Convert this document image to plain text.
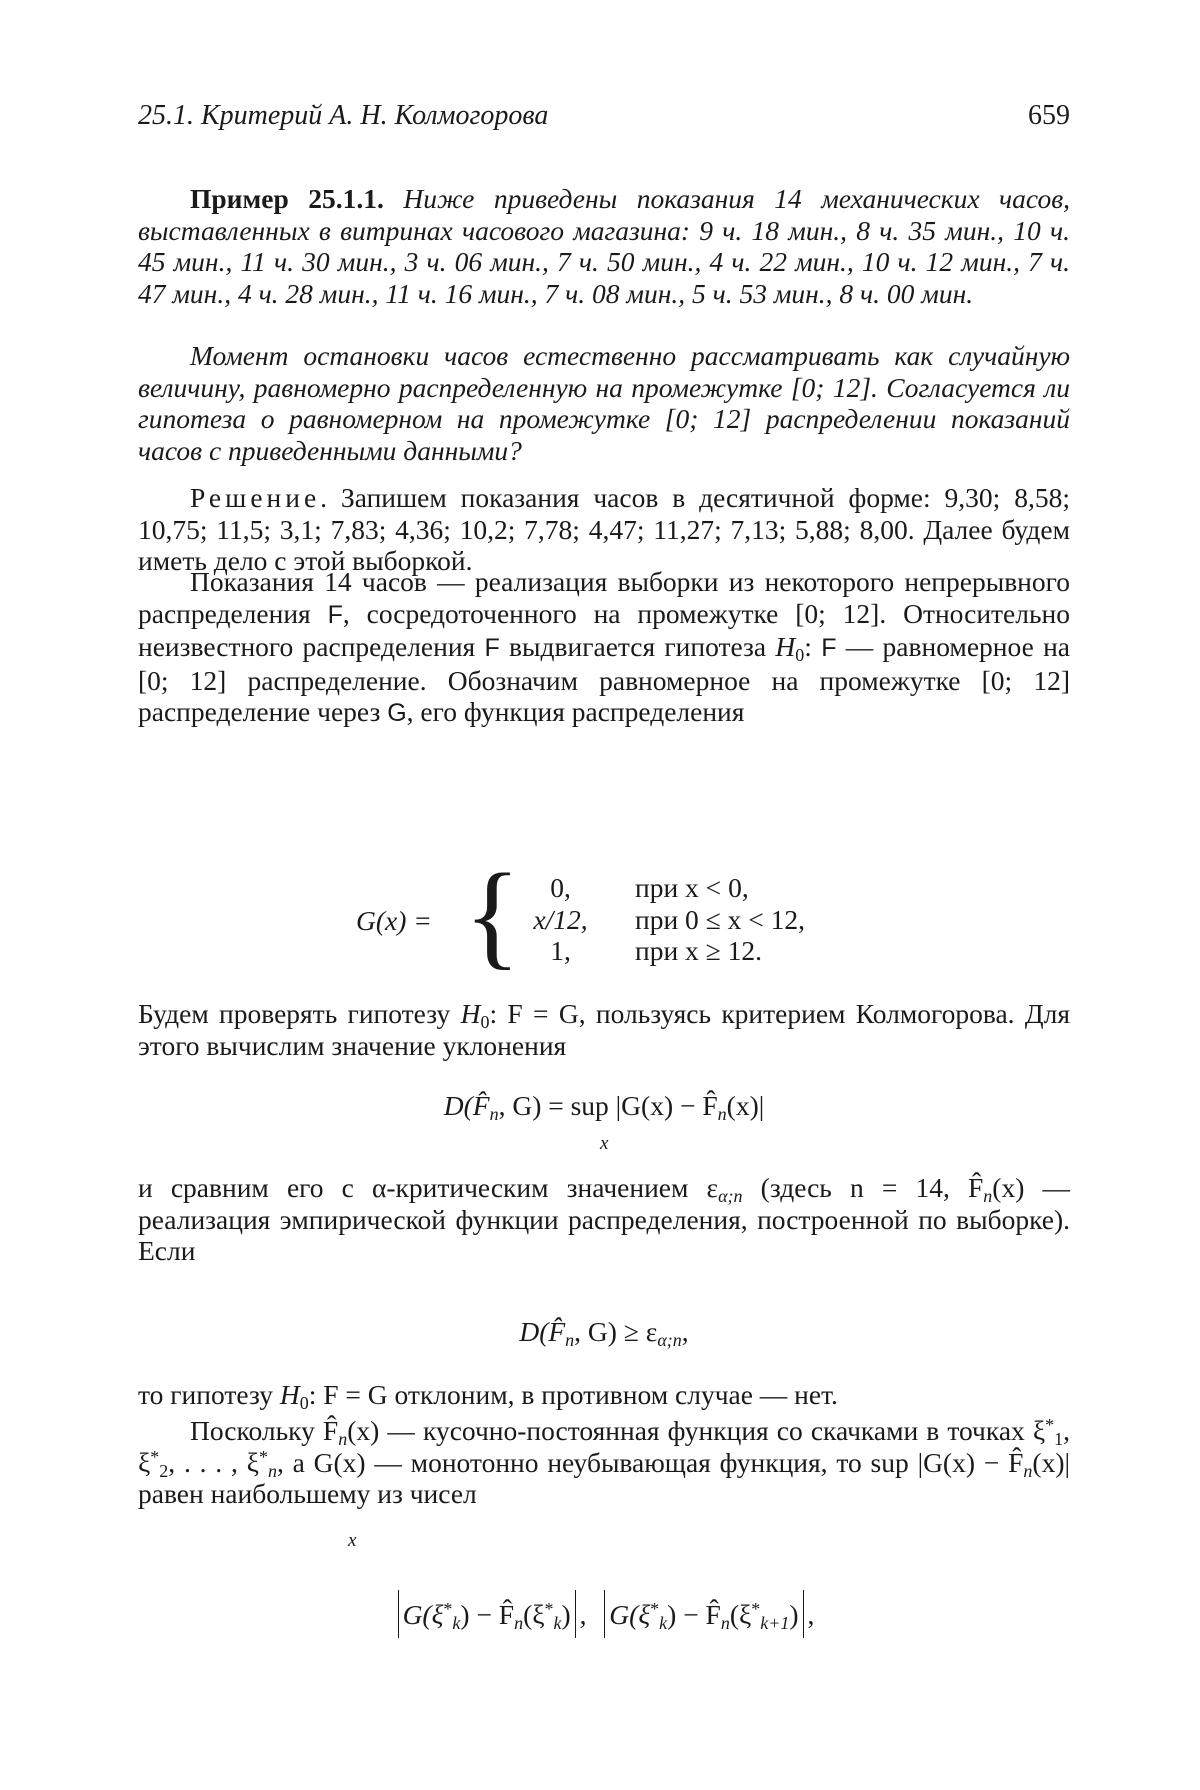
25.1. Критерий А. Н. Колмогорова	659
Пример 25.1.1. Ниже приведены показания 14 механических часов, выставленных в витринах часового магазина: 9 ч. 18 мин., 8 ч. 35 мин., 10 ч. 45 мин., 11 ч. 30 мин., 3 ч. 06 мин., 7 ч. 50 мин., 4 ч. 22 мин., 10 ч. 12 мин., 7 ч. 47 мин., 4 ч. 28 мин., 11 ч. 16 мин., 7 ч. 08 мин., 5 ч. 53 мин., 8 ч. 00 мин.
Момент остановки часов естественно рассматривать как случайную величину, равномерно распределенную на промежутке [0; 12]. Согласуется ли гипотеза о равномерном на промежутке [0; 12] распределении показаний часов с приведенными данными?
Решение. Запишем показания часов в десятичной форме: 9,30; 8,58; 10,75; 11,5; 3,1; 7,83; 4,36; 10,2; 7,78; 4,47; 11,27; 7,13; 5,88; 8,00. Далее будем иметь дело с этой выборкой.
Показания 14 часов — реализация выборки из некоторого непрерывного распределения F, сосредоточенного на промежутке [0; 12]. Относительно неизвестного распределения F выдвигается гипотеза $H_0$: F — равномерное на [0; 12] распределение. Обозначим равномерное на промежутке [0; 12] распределение через G, его функция распределения
G(x) = {	0,
x/12,
1,
при x < 0,
при 0 ≤ x < 12,
при x ≥ 12.
Будем проверять гипотезу $H_0$: F = G, пользуясь критерием Колмогорова. Для этого вычислим значение уклонения
$D(F̂_n$, G) = sup $|G(x) - F̂_n(x)|$
x
и сравним его с α-критическим значением $\varepsilon_{\alpha;n}$ (здесь n = 14, $F̂_n(x)$ — реализация эмпирической функции распределения, построенной по выборке). Если
$D(F̂_n$, $G) \ge \varepsilon_{\alpha;n}$,
то гипотезу $H_0$: F = G отклоним, в противном случае — нет.
Поскольку $F̂_n(x)$ — кусочно-постоянная функция со скачками в точках $\xi^*_1$, $\xi^*_2$, . . . , $\xi^*_n$, а G(x) — монотонно неубывающая функция, то sup $|G(x) - F̂_n(x)|$ равен наибольшему из чисел
x
$G(\xi^*_k)$ − $F̂_n(\xi^*_k)$ , $G(\xi^*_k)$ − $F̂_n(\xi^*_{k+1})$ ,
